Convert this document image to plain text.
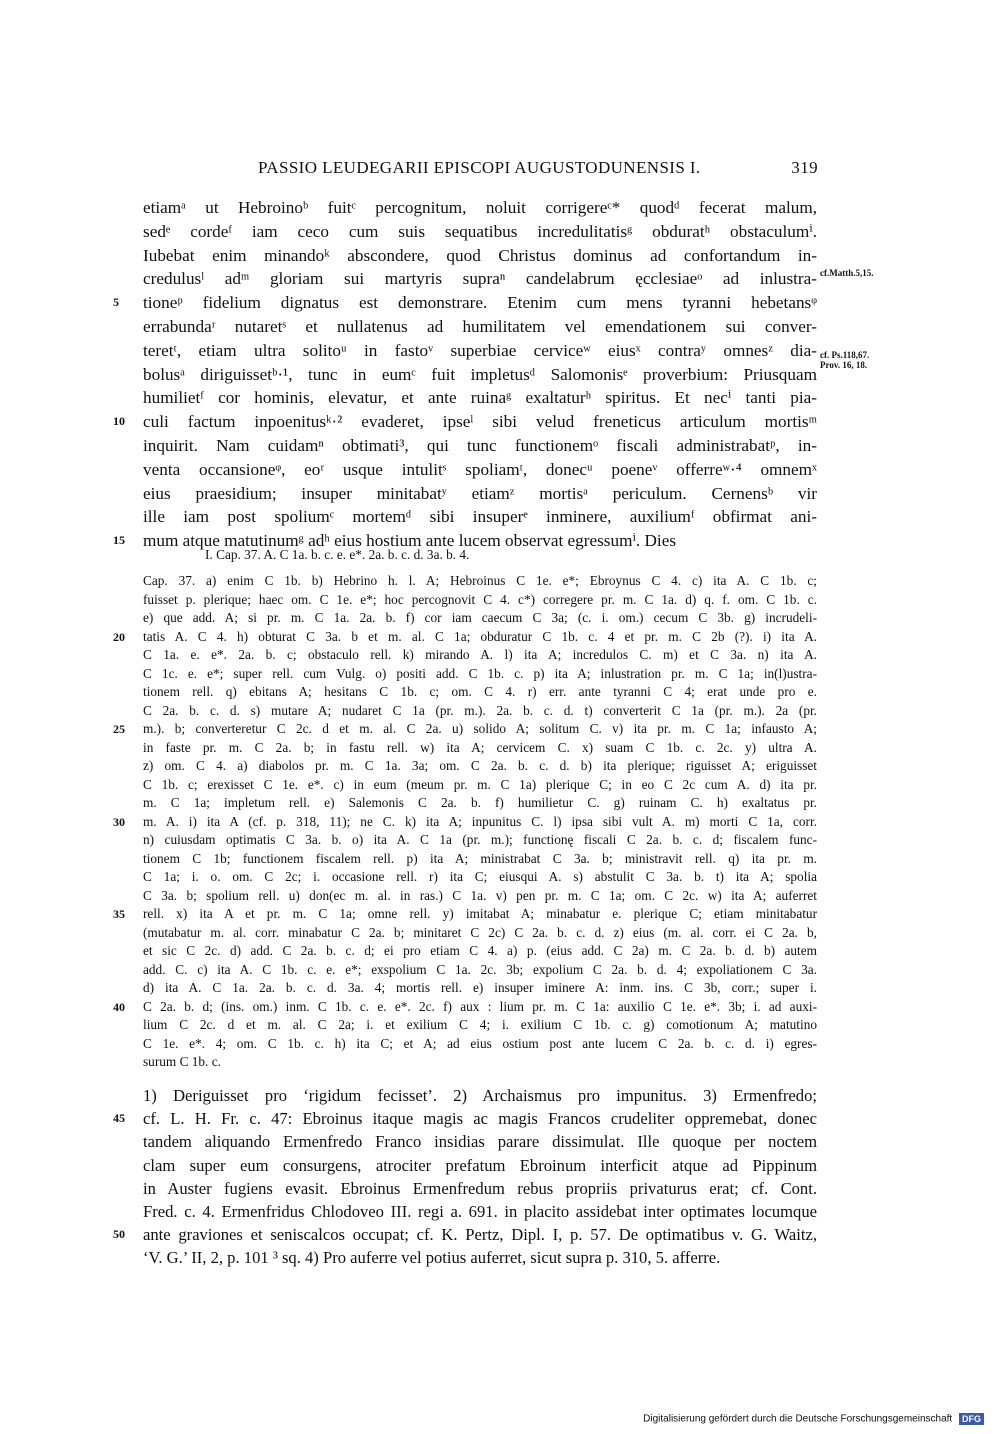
PASSIO LEUDEGARII EPISCOPI AUGUSTODUNENSIS I.	319
etiamᵃ ut Hebroinoᵇ fuitᶜ percognitum, noluit corrigereᶜ* quodᵈ fecerat malum,
sedᵉ cordeᶠ iam ceco cum suis sequatibus incredulitatisᵍ obduratʰ obstaculumⁱ.
Iubebat enim minandoᵏ abscondere, quod Christus dominus ad confortandum in-
credulusˡ adᵐ gloriam sui martyris supraⁿ candelabrum ęcclesiaeᵒ ad inlustra-
5	tioneᵖ fidelium dignatus est demonstrare. Etenim cum mens tyranni hebetansᵠ
errabundaʳ nutaretˢ et nullatenus ad humilitatem vel emendationem sui conver-
teretᵗ, etiam ultra solitoᵘ in fastoᵛ superbiae cerviceʷ eiusˣ contraʸ omnesᶻ dia-
bolusᵃ diriguissetᵇ·¹, tunc in eumᶜ fuit impletusᵈ Salomonisᵉ proverbium: Priusquam
humilietᶠ cor hominis, elevatur, et ante ruinaᵍ exaltaturʰ spiritus. Et necⁱ tanti pia-
10	culi factum inpoenitusᵏ·² evaderet, ipseˡ sibi velud freneticus articulum mortisᵐ
inquirit. Nam cuidamⁿ obtimati³, qui tunc functionemᵒ fiscali administrabatᵖ, in-
venta occansioneᵠ, eoʳ usque intulitˢ spoliamᵗ, donecᵘ poeneᵛ offerreʷ·⁴ omnemˣ
eius praesidium; insuper minitabatʸ etiamᶻ mortisᵃ periculum. Cernensᵇ vir
ille iam post spoliumᶜ mortemᵈ sibi insuperᵉ inminere, auxiliumᶠ obfirmat ani-
15	mum atque matutinumᵍ adʰ eius hostium ante lucem observat egressumⁱ. Dies
cf.Matth.5,15.
cf. Ps.118,67.
Prov. 16, 18.
I. Cap. 37. A. C 1a. b. c. e. e*. 2a. b. c. d. 3a. b. 4.
Cap. 37. a) enim C 1b. b) Hebrino h. l. A; Hebroinus C 1e. e*; Ebroynus C 4. c) ita A. C 1b. c;
fuisset p. plerique; haec om. C 1e. e*; hoc percognovit C 4. c*) corregere pr. m. C 1a. d) q. f. om. C 1b. c.
e) que add. A; si pr. m. C 1a. 2a. b. f) cor iam caecum C 3a; (c. i. om.) cecum C 3b. g) incrudeli-
20	tatis A. C 4. h) obturat C 3a. b et m. al. C 1a; obduratur C 1b. c. 4 et pr. m. C 2b (?). i) ita A.
C 1a. e. e*. 2a. b. c; obstaculo rell. k) mirando A. l) ita A; incredulos C. m) et C 3a. n) ita A.
C 1c. e. e*; super rell. cum Vulg. o) positi add. C 1b. c. p) ita A; inlustration pr. m. C 1a; in(l)ustra-
tionem rell. q) ebitans A; hesitans C 1b. c; om. C 4. r) err. ante tyranni C 4; erat unde pro e.
C 2a. b. c. d. s) mutare A; nudaret C 1a (pr. m.). 2a. b. c. d. t) converterit C 1a (pr. m.). 2a (pr.
25	m.). b; converteretur C 2c. d et m. al. C 2a. u) solido A; solitum C. v) ita pr. m. C 1a; infausto A;
in faste pr. m. C 2a. b; in fastu rell. w) ita A; cervicem C. x) suam C 1b. c. 2c. y) ultra A.
z) om. C 4. a) diabolos pr. m. C 1a. 3a; om. C 2a. b. c. d. b) ita plerique; riguisset A; eriguisset
C 1b. c; erexisset C 1e. e*. c) in eum (meum pr. m. C 1a) plerique C; in eo C 2c cum A. d) ita pr.
m. C 1a; impletum rell. e) Salemonis C 2a. b. f) humilietur C. g) ruinam C. h) exaltatus pr.
30	m. A. i) ita A (cf. p. 318, 11); ne C. k) ita A; inpunitus C. l) ipsa sibi vult A. m) morti C 1a, corr.
n) cuiusdam optimatis C 3a. b. o) ita A. C 1a (pr. m.); functionę fiscali C 2a. b. c. d; fiscalem func-
tionem C 1b; functionem fiscalem rell. p) ita A; ministrabat C 3a. b; ministravit rell. q) ita pr. m.
C 1a; i. o. om. C 2c; i. occasione rell. r) ita C; eiusqui A. s) abstulit C 3a. b. t) ita A; spolia
C 3a. b; spolium rell. u) don(ec m. al. in ras.) C 1a. v) pen pr. m. C 1a; om. C 2c. w) ita A; auferret
35	rell. x) ita A et pr. m. C 1a; omne rell. y) imitabat A; minabatur e. plerique C; etiam minitabatur
(mutabatur m. al. corr. minabatur C 2a. b; minitaret C 2c) C 2a. b. c. d. z) eius (m. al. corr. ei C 2a. b,
et sic C 2c. d) add. C 2a. b. c. d; ei pro etiam C 4. a) p. (eius add. C 2a) m. C 2a. b. d. b) autem
add. C. c) ita A. C 1b. c. e. e*; exspolium C 1a. 2c. 3b; expolium C 2a. b. d. 4; expoliationem C 3a.
d) ita A. C 1a. 2a. b. c. d. 3a. 4; mortis rell. e) insuper iminere A: inm. ins. C 3b, corr.; super i.
40	C 2a. b. d; (ins. om.) inm. C 1b. c. e. e*. 2c. f) aux : lium pr. m. C 1a: auxilio C 1e. e*. 3b; i. ad auxi-
lium C 2c. d et m. al. C 2a; i. et exilium C 4; i. exilium C 1b. c. g) comotionum A; matutino
C 1e. e*. 4; om. C 1b. c. h) ita C; et A; ad eius ostium post ante lucem C 2a. b. c. d. i) egres-
surum C 1b. c.
1) Deriguisset pro ‘rigidum fecisset’. 2) Archaismus pro impunitus. 3) Ermenfredo;
45	cf. L. H. Fr. c. 47: Ebroinus itaque magis ac magis Francos crudeliter oppremebat, donec
tandem aliquando Ermenfredo Franco insidias parare dissimulat. Ille quoque per noctem
clam super eum consurgens, atrociter prefatum Ebroinum interficit atque ad Pippinum
in Auster fugiens evasit. Ebroinus Ermenfredum rebus propriis privaturus erat; cf. Cont.
Fred. c. 4. Ermenfridus Chlodoveo III. regi a. 691. in placito assidebat inter optimates locumque
50	ante graviones et seniscalcos occupat; cf. K. Pertz, Dipl. I, p. 57. De optimatibus v. G. Waitz,
‘V. G.’ II, 2, p. 101 ³ sq. 4) Pro auferre vel potius auferret, sicut supra p. 310, 5. afferre.
Digitalisierung gefördert durch die Deutsche Forschungsgemeinschaft DFG
